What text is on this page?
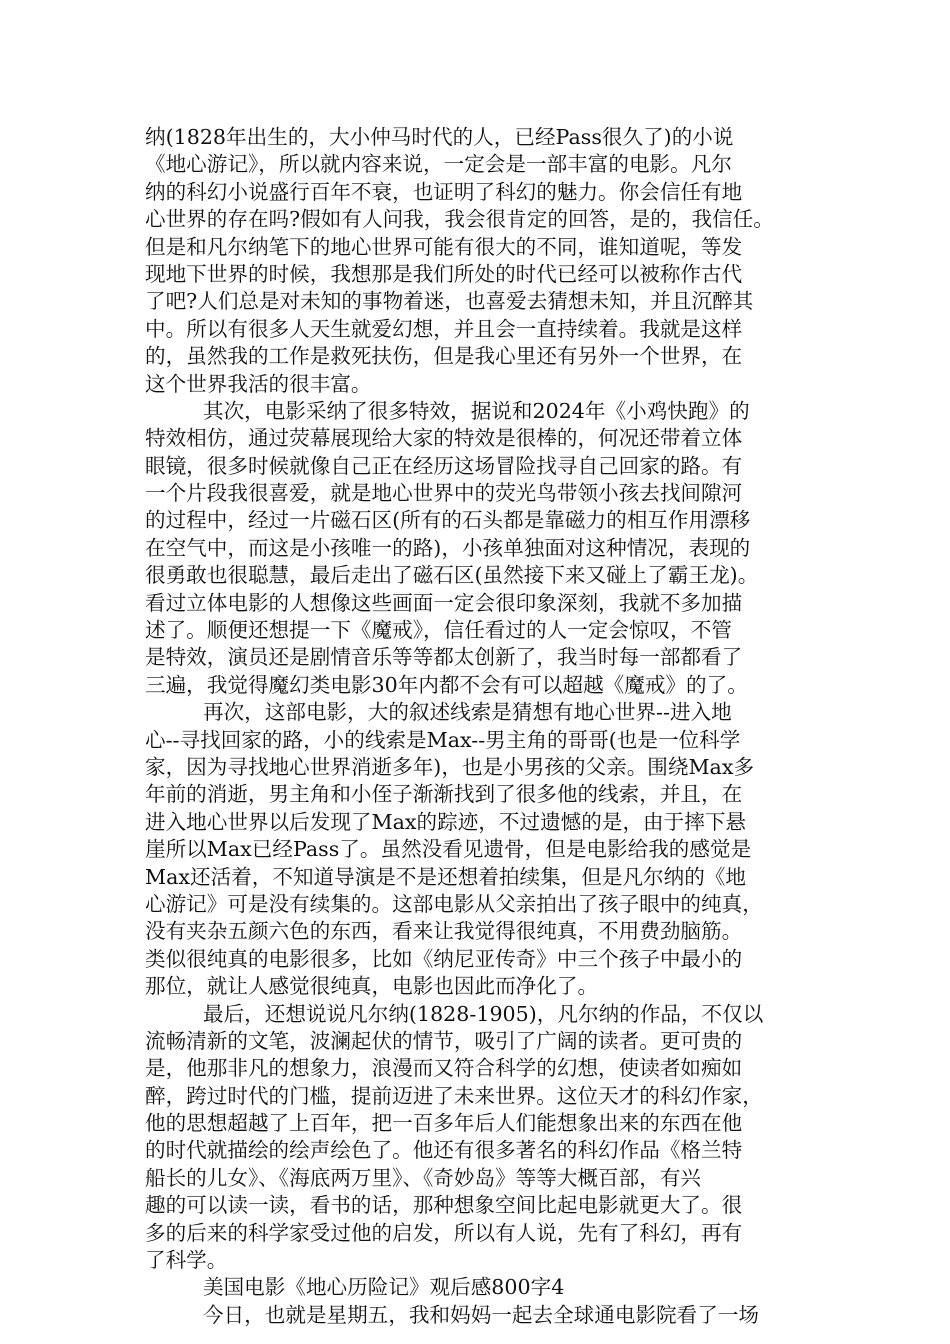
纳(1828年出生的，大小仲马时代的人，已经Pass很久了)的小说
《地心游记》，所以就内容来说，一定会是一部丰富的电影。凡尔
纳的科幻小说盛行百年不衰，也证明了科幻的魅力。你会信任有地
心世界的存在吗?假如有人问我，我会很肯定的回答，是的，我信任。
但是和凡尔纳笔下的地心世界可能有很大的不同，谁知道呢，等发
现地下世界的时候，我想那是我们所处的时代已经可以被称作古代
了吧?人们总是对未知的事物着迷，也喜爱去猜想未知，并且沉醉其
中。所以有很多人天生就爱幻想，并且会一直持续着。我就是这样
的，虽然我的工作是救死扶伤，但是我心里还有另外一个世界，在
这个世界我活的很丰富。
其次，电影采纳了很多特效，据说和2024年《小鸡快跑》的
特效相仿，通过荧幕展现给大家的特效是很棒的，何况还带着立体
眼镜，很多时候就像自己正在经历这场冒险找寻自己回家的路。有
一个片段我很喜爱，就是地心世界中的荧光鸟带领小孩去找间隙河
的过程中，经过一片磁石区(所有的石头都是靠磁力的相互作用漂移
在空气中，而这是小孩唯一的路)，小孩单独面对这种情况，表现的
很勇敢也很聪慧，最后走出了磁石区(虽然接下来又碰上了霸王龙)。
看过立体电影的人想像这些画面一定会很印象深刻，我就不多加描
述了。顺便还想提一下《魔戒》，信任看过的人一定会惊叹，不管
是特效，演员还是剧情音乐等等都太创新了，我当时每一部都看了
三遍，我觉得魔幻类电影30年内都不会有可以超越《魔戒》的了。
再次，这部电影，大的叙述线索是猜想有地心世界--进入地
心--寻找回家的路，小的线索是Max--男主角的哥哥(也是一位科学
家，因为寻找地心世界消逝多年)，也是小男孩的父亲。围绕Max多
年前的消逝，男主角和小侄子渐渐找到了很多他的线索，并且，在
进入地心世界以后发现了Max的踪迹，不过遗憾的是，由于摔下悬
崖所以Max已经Pass了。虽然没看见遗骨，但是电影给我的感觉是
Max还活着，不知道导演是不是还想着拍续集，但是凡尔纳的《地
心游记》可是没有续集的。这部电影从父亲拍出了孩子眼中的纯真，
没有夹杂五颜六色的东西，看来让我觉得很纯真，不用费劲脑筋。
类似很纯真的电影很多，比如《纳尼亚传奇》中三个孩子中最小的
那位，就让人感觉很纯真，电影也因此而净化了。
最后，还想说说凡尔纳(1828-1905)，凡尔纳的作品，不仅以
流畅清新的文笔，波澜起伏的情节，吸引了广阔的读者。更可贵的
是，他那非凡的想象力，浪漫而又符合科学的幻想，使读者如痴如
醉，跨过时代的门槛，提前迈进了未来世界。这位天才的科幻作家，
他的思想超越了上百年，把一百多年后人们能想象出来的东西在他
的时代就描绘的绘声绘色了。他还有很多著名的科幻作品《格兰特
船长的儿女》、《海底两万里》、《奇妙岛》等等大概百部，有兴
趣的可以读一读，看书的话，那种想象空间比起电影就更大了。很
多的后来的科学家受过他的启发，所以有人说，先有了科幻，再有
了科学。
美国电影《地心历险记》观后感800字4
今日，也就是星期五，我和妈妈一起去全球通电影院看了一场
